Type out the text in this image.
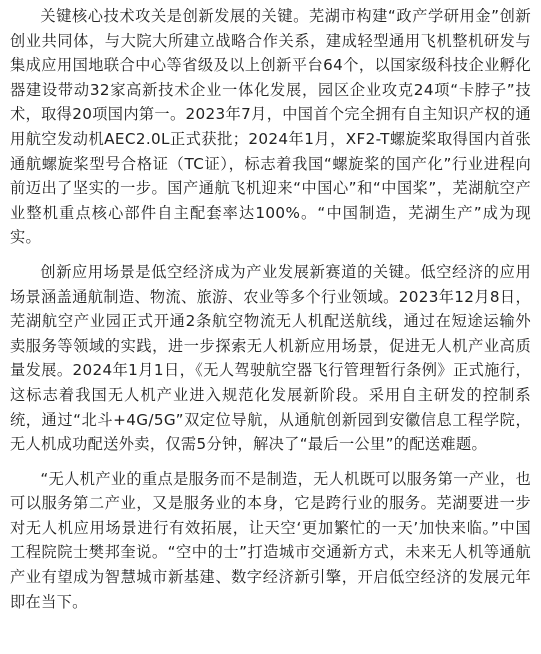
关键核心技术攻关是创新发展的关键。芜湖市构建“政产学研用金”创新创业共同体，与大院大所建立战略合作关系，建成轻型通用飞机整机研发与集成应用国地联合中心等省级及以上创新平台64个，以国家级科技企业孵化器建设带动32家高新技术企业一体化发展，园区企业攻克24项“卡脖子”技术，取得20项国内第一。2023年7月，中国首个完全拥有自主知识产权的通用航空发动机AEC2.0L正式获批；2024年1月，XF2-T螺旋桨取得国内首张通航螺旋桨型号合格证（TC证），标志着我国“螺旋桨的国产化”行业进程向前迈出了坚实的一步。国产通航飞机迎来“中国心”和“中国桨”，芜湖航空产业整机重点核心部件自主配套率达100%。“中国制造，芜湖生产”成为现实。

创新应用场景是低空经济成为产业发展新赛道的关键。低空经济的应用场景涵盖通航制造、物流、旅游、农业等多个行业领域。2023年12月8日，芜湖航空产业园正式开通2条航空物流无人机配送航线，通过在短途运输外卖服务等领域的实践，进一步探索无人机新应用场景，促进无人机产业高质量发展。2024年1月1日，《无人驾驶航空器飞行管理暂行条例》正式施行，这标志着我国无人机产业进入规范化发展新阶段。采用自主研发的控制系统，通过“北斗+4G/5G”双定位导航，从通航创新园到安徽信息工程学院，无人机成功配送外卖，仅需5分钟，解决了“最后一公里”的配送难题。

“无人机产业的重点是服务而不是制造，无人机既可以服务第一产业，也可以服务第二产业，又是服务业的本身，它是跨行业的服务。芜湖要进一步对无人机应用场景进行有效拓展，让天空‘更加繁忙的一天’加快来临。”中国工程院院士樊邦奎说。“空中的士”打造城市交通新方式，未来无人机等通航产业有望成为智慧城市新基建、数字经济新引擎，开启低空经济的发展元年即在当下。
